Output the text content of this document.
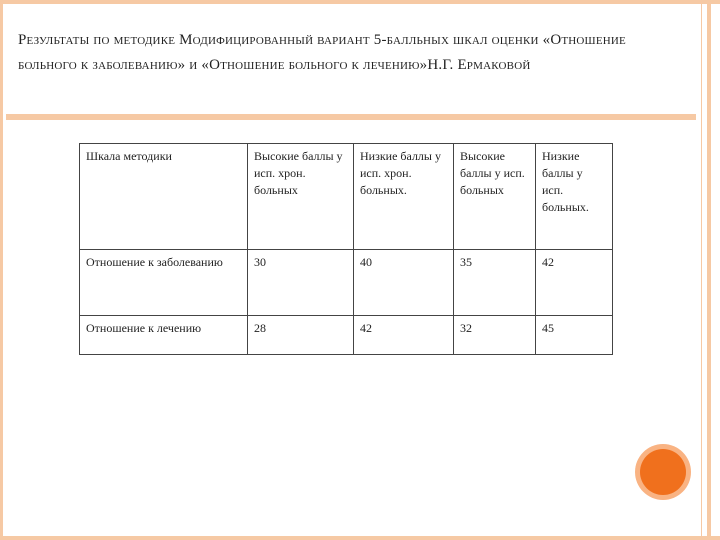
Результаты по методике Модифицированный вариант 5-балльных шкал оценки «Отношение больного к заболеванию» и «Отношение больного к лечению»Н.Г. Ермаковой
Шкала методики	Высокие баллы у исп. хрон. больных	Низкие баллы у исп. хрон. больных.	Высокие баллы у исп. больных	Низкие баллы у исп. больных.
Отношение к заболеванию	30	40	35	42
Отношение к лечению	28	42	32	45
